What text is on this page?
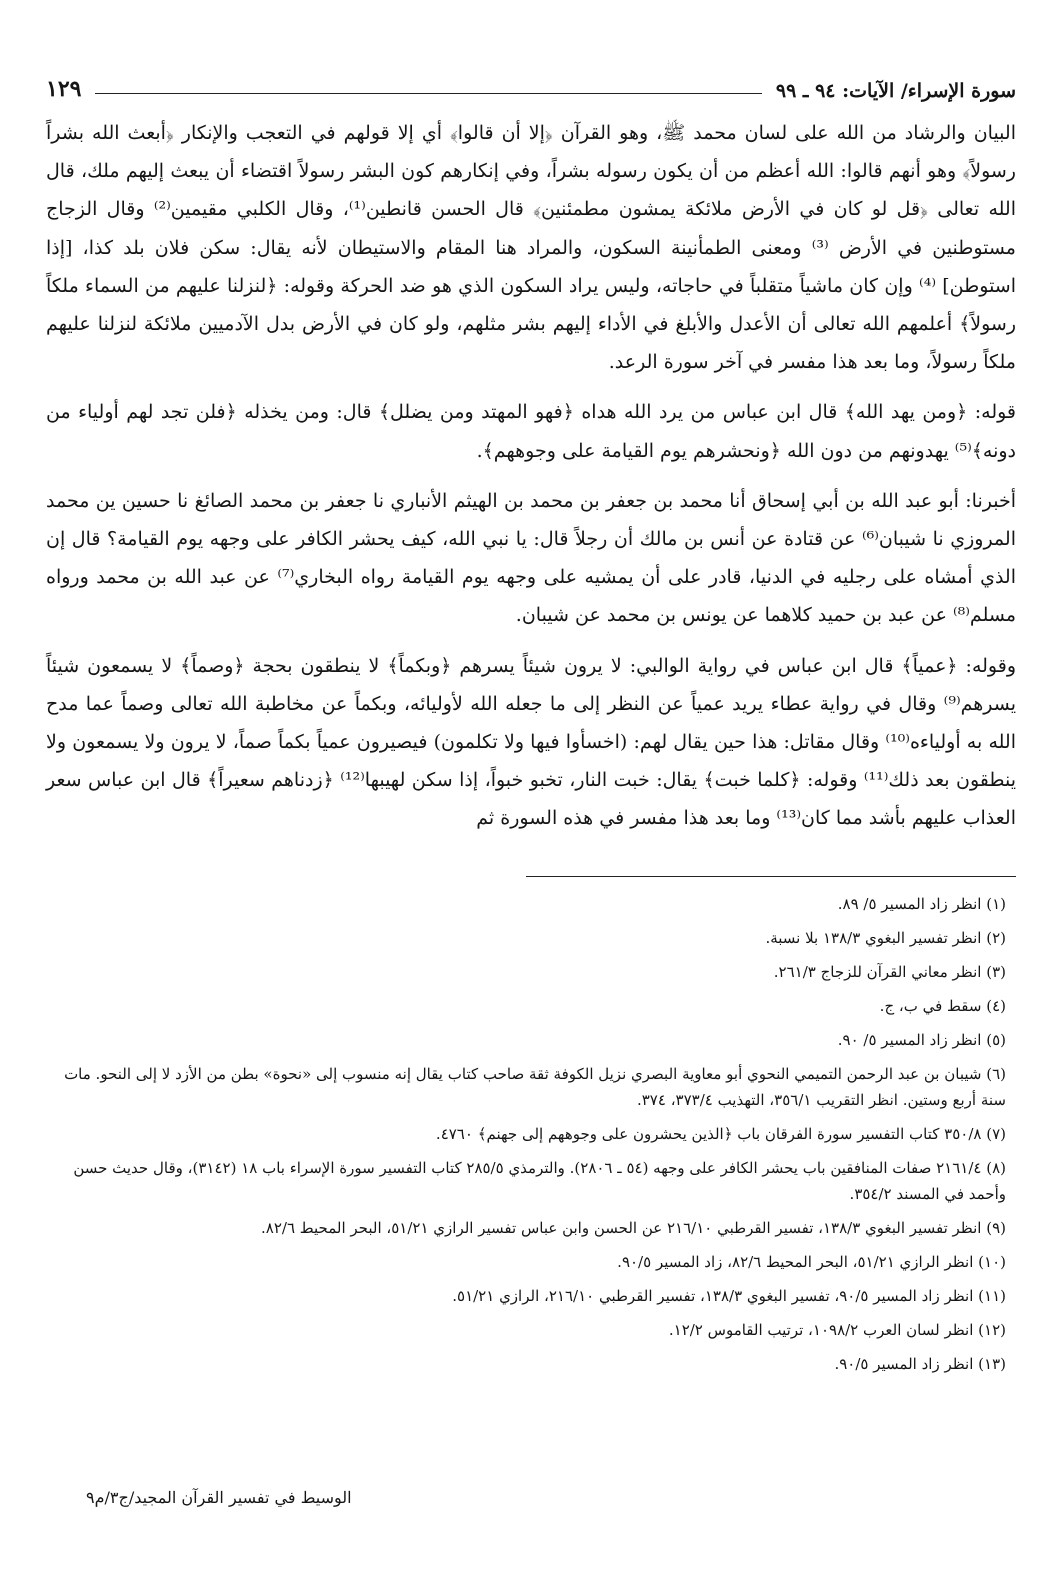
سورة الإسراء/ الآيات: ٩٤ ـ ٩٩
١٢٩

البيان والرشاد من الله على لسان محمد ﷺ، وهو القرآن ﴿إلا أن قالوا﴾ أي إلا قولهم في التعجب والإنكار ﴿أبعث الله بشراً رسولاً﴾ وهو أنهم قالوا: الله أعظم من أن يكون رسوله بشراً، وفي إنكارهم كون البشر رسولاً اقتضاء أن يبعث إليهم ملك، قال الله تعالى ﴿قل لو كان في الأرض ملائكة يمشون مطمئنين﴾ قال الحسن قانطين⁽¹⁾، وقال الكلبي مقيمين⁽²⁾ وقال الزجاج مستوطنين في الأرض ⁽³⁾ ومعنى الطمأنينة السكون، والمراد هنا المقام والاستيطان لأنه يقال: سكن فلان بلد كذا، [إذا استوطن] ⁽⁴⁾ وإن كان ماشياً متقلباً في حاجاته، وليس يراد السكون الذي هو ضد الحركة وقوله: ﴿لنزلنا عليهم من السماء ملكاً رسولاً﴾ أعلمهم الله تعالى أن الأعدل والأبلغ في الأداء إليهم بشر مثلهم، ولو كان في الأرض بدل الآدميين ملائكة لنزلنا عليهم ملكاً رسولاً، وما بعد هذا مفسر في آخر سورة الرعد.

قوله: ﴿ومن يهد الله﴾ قال ابن عباس من يرد الله هداه ﴿فهو المهتد ومن يضلل﴾ قال: ومن يخذله ﴿فلن تجد لهم أولياء من دونه﴾⁽⁵⁾ يهدونهم من دون الله ﴿ونحشرهم يوم القيامة على وجوههم﴾.

أخبرنا: أبو عبد الله بن أبي إسحاق أنا محمد بن جعفر بن محمد بن الهيثم الأنباري نا جعفر بن محمد الصائغ نا حسين ين محمد المروزي نا شيبان⁽⁶⁾ عن قتادة عن أنس بن مالك أن رجلاً قال: يا نبي الله، كيف يحشر الكافر على وجهه يوم القيامة؟ قال إن الذي أمشاه على رجليه في الدنيا، قادر على أن يمشيه على وجهه يوم القيامة رواه البخاري⁽⁷⁾ عن عبد الله بن محمد ورواه مسلم⁽⁸⁾ عن عبد بن حميد كلاهما عن يونس بن محمد عن شيبان.

وقوله: ﴿عمياً﴾ قال ابن عباس في رواية الوالبي: لا يرون شيئاً يسرهم ﴿وبكماً﴾ لا ينطقون بحجة ﴿وصماً﴾ لا يسمعون شيئاً يسرهم⁽⁹⁾ وقال في رواية عطاء يريد عمياً عن النظر إلى ما جعله الله لأوليائه، وبكماً عن مخاطبة الله تعالى وصماً عما مدح الله به أولياءه⁽¹⁰⁾ وقال مقاتل: هذا حين يقال لهم: (اخسأوا فيها ولا تكلمون) فيصيرون عمياً بكماً صماً، لا يرون ولا يسمعون ولا ينطقون بعد ذلك⁽¹¹⁾ وقوله: ﴿كلما خبت﴾ يقال: خبت النار، تخبو خبواً، إذا سكن لهيبها⁽¹²⁾ ﴿زدناهم سعيراً﴾ قال ابن عباس سعر العذاب عليهم بأشد مما كان⁽¹³⁾ وما بعد هذا مفسر في هذه السورة ثم

(١) انظر زاد المسير ٥/ ٨٩.
(٢) انظر تفسير البغوي ١٣٨/٣ بلا نسبة.
(٣) انظر معاني القرآن للزجاج ٢٦١/٣.
(٤) سقط في ب، ج.
(٥) انظر زاد المسير ٥/ ٩٠.
(٦) شيبان بن عبد الرحمن التميمي النحوي أبو معاوية البصري نزيل الكوفة ثقة صاحب كتاب يقال إنه منسوب إلى «نحوة» بطن من الأزد لا إلى النحو. مات سنة أربع وستين. انظر التقريب ٣٥٦/١، التهذيب ٣٧٣/٤، ٣٧٤.
(٧) ٣٥٠/٨ كتاب التفسير سورة الفرقان باب ﴿الذين يحشرون على وجوههم إلى جهنم﴾ ٤٧٦٠.
(٨) ٢١٦١/٤ صفات المنافقين باب يحشر الكافر على وجهه (٥٤ ـ ٢٨٠٦). والترمذي ٢٨٥/٥ كتاب التفسير سورة الإسراء باب ١٨ (٣١٤٢)، وقال حديث حسن وأحمد في المسند ٣٥٤/٢.
(٩) انظر تفسير البغوي ١٣٨/٣، تفسير القرطبي ٢١٦/١٠ عن الحسن وابن عباس تفسير الرازي ٥١/٢١، البحر المحيط ٨٢/٦.
(١٠) انظر الرازي ٥١/٢١، البحر المحيط ٨٢/٦، زاد المسير ٩٠/٥.
(١١) انظر زاد المسير ٩٠/٥، تفسير البغوي ١٣٨/٣، تفسير القرطبي ٢١٦/١٠، الرازي ٥١/٢١.
(١٢) انظر لسان العرب ١٠٩٨/٢، ترتيب القاموس ١٢/٢.
(١٣) انظر زاد المسير ٩٠/٥.
الوسيط في تفسير القرآن المجيد/ج٣/م٩
